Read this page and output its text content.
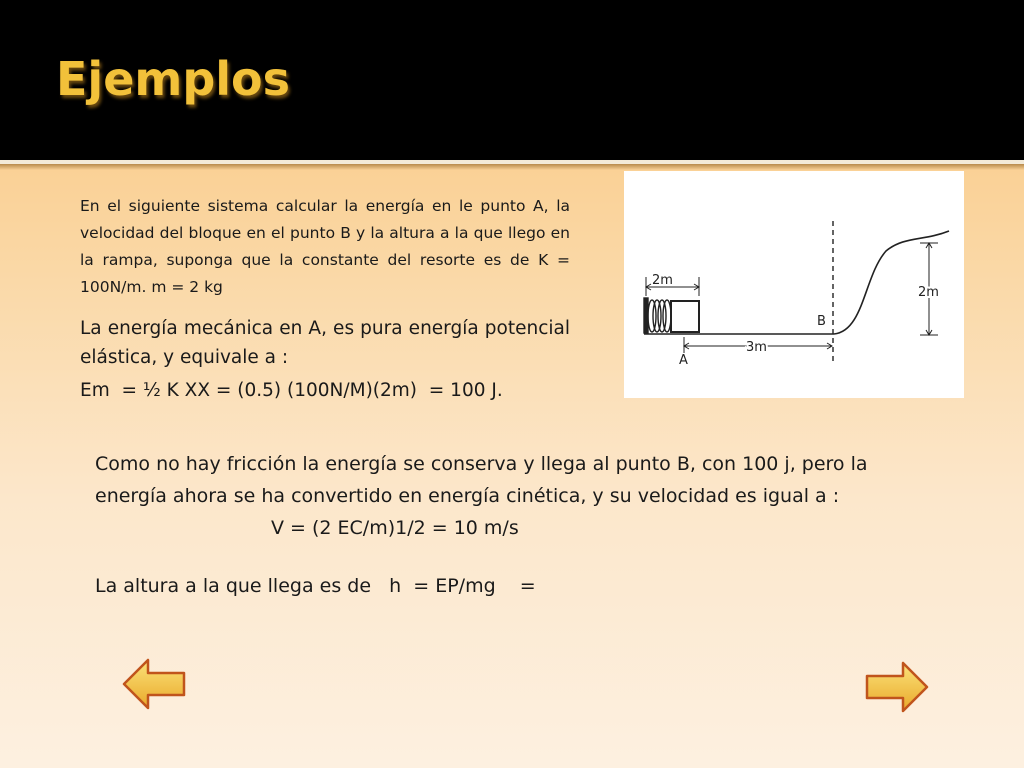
Ejemplos

En el siguiente sistema calcular la energía en le punto A, la velocidad del bloque en el punto B y la altura a la que llego en la rampa, suponga que la constante del resorte es de K = 100N/m. m = 2 kg

La energía mecánica en A, es pura energía potencial elástica, y equivale a :

Em  = ½ K XX = (0.5) (100N/M)(2m)  = 100 J.

2m
3m
A
B
2m

Como no hay fricción la energía se conserva y llega al punto B, con 100 j, pero la energía ahora se ha convertido en energía cinética, y su velocidad es igual a :V = (2 EC/m)1/2 = 10 m/s

La altura a la que llega es de   h  = EP/mg    =
